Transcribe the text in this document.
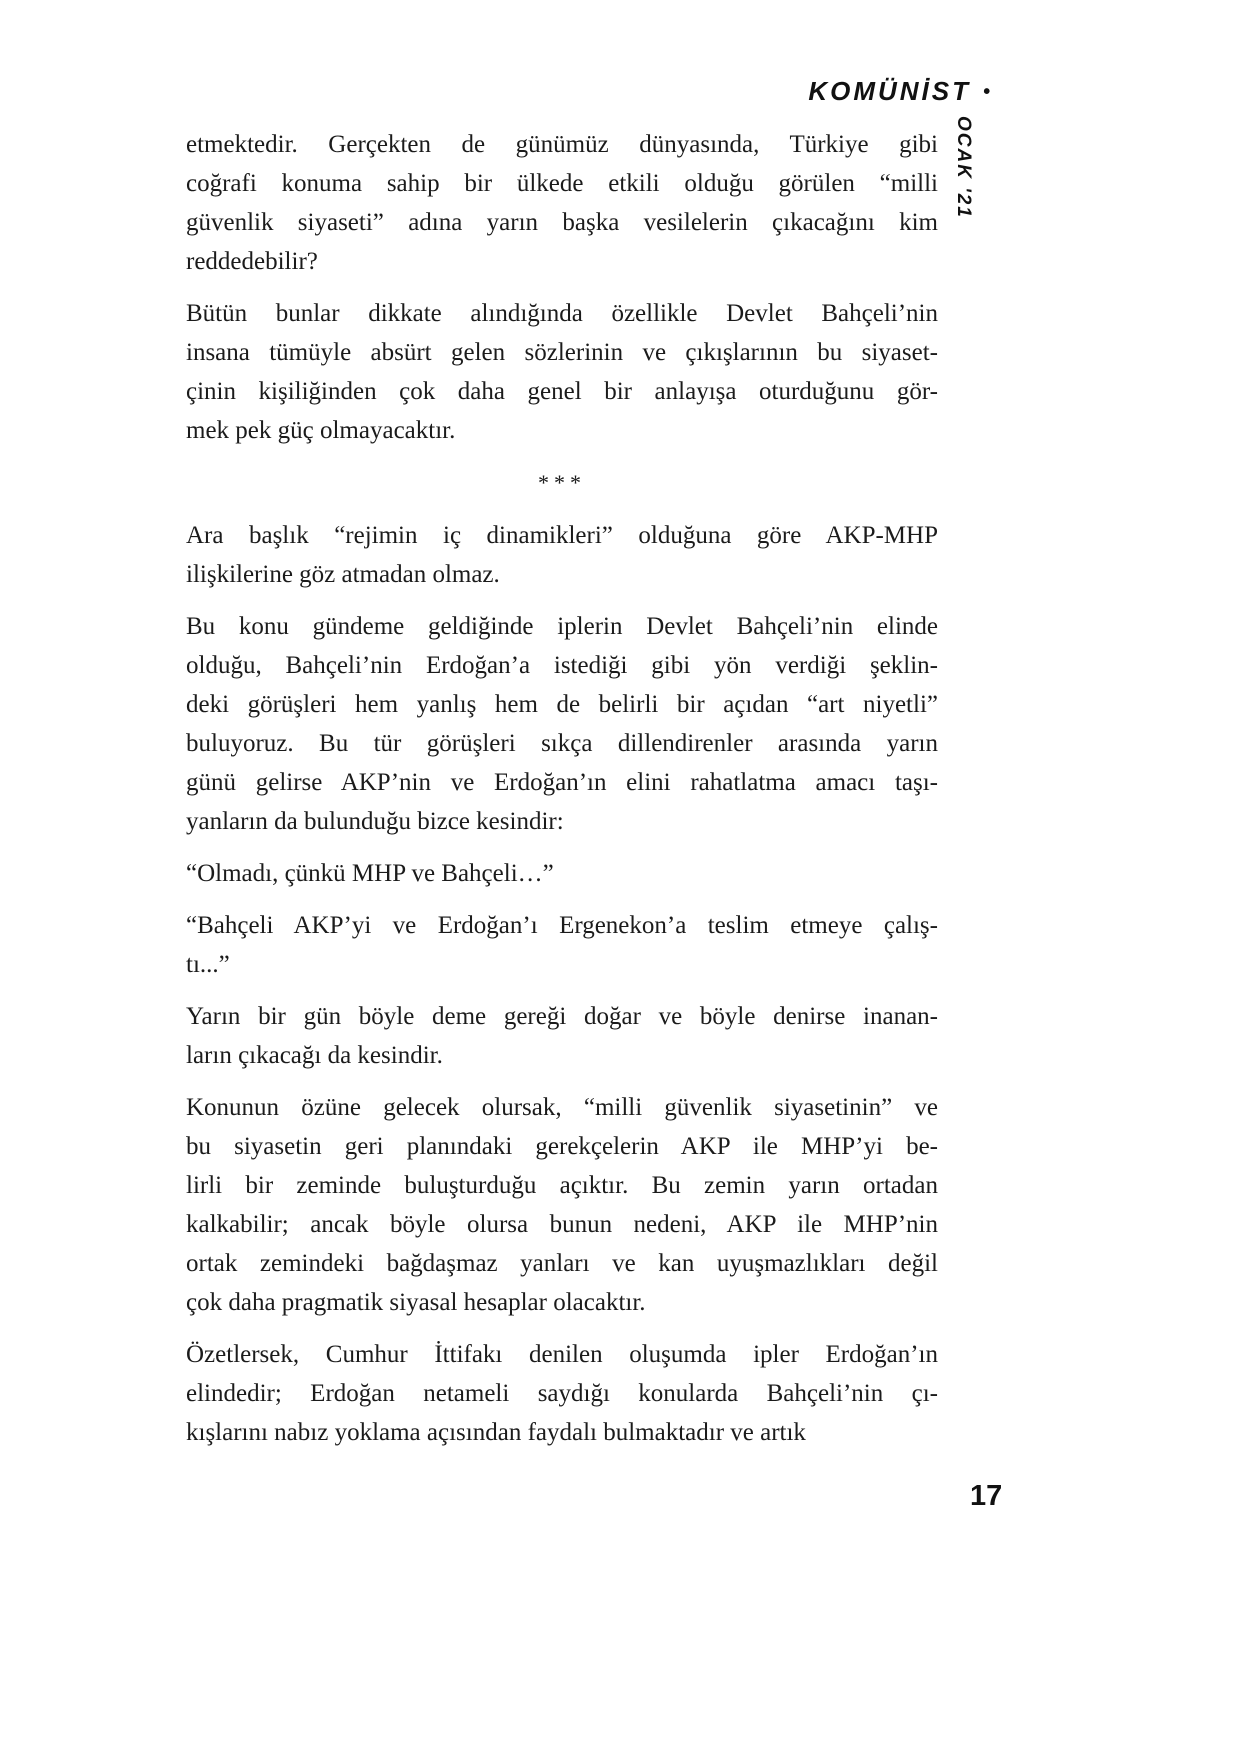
KOMÜNİST •
OCAK '21

etmektedir. Gerçekten de günümüz dünyasında, Türkiye gibi
coğrafi konuma sahip bir ülkede etkili olduğu görülen “milli
güvenlik siyaseti” adına yarın başka vesilelerin çıkacağını kim
reddedebilir?

Bütün bunlar dikkate alındığında özellikle Devlet Bahçeli’nin
insana tümüyle absürt gelen sözlerinin ve çıkışlarının bu siyaset-
çinin kişiliğinden çok daha genel bir anlayışa oturduğunu gör-
mek pek güç olmayacaktır.

***

Ara başlık “rejimin iç dinamikleri” olduğuna göre AKP-MHP
ilişkilerine göz atmadan olmaz.

Bu konu gündeme geldiğinde iplerin Devlet Bahçeli’nin elinde
olduğu, Bahçeli’nin Erdoğan’a istediği gibi yön verdiği şeklin-
deki görüşleri hem yanlış hem de belirli bir açıdan “art niyetli”
buluyoruz. Bu tür görüşleri sıkça dillendirenler arasında yarın
günü gelirse AKP’nin ve Erdoğan’ın elini rahatlatma amacı taşı-
yanların da bulunduğu bizce kesindir:

“Olmadı, çünkü MHP ve Bahçeli…”

“Bahçeli AKP’yi ve Erdoğan’ı Ergenekon’a teslim etmeye çalış-
tı...”

Yarın bir gün böyle deme gereği doğar ve böyle denirse inanan-
ların çıkacağı da kesindir.

Konunun özüne gelecek olursak, “milli güvenlik siyasetinin” ve
bu siyasetin geri planındaki gerekçelerin AKP ile MHP’yi be-
lirli bir zeminde buluşturduğu açıktır. Bu zemin yarın ortadan
kalkabilir; ancak böyle olursa bunun nedeni, AKP ile MHP’nin
ortak zemindeki bağdaşmaz yanları ve kan uyuşmazlıkları değil
çok daha pragmatik siyasal hesaplar olacaktır.

Özetlersek, Cumhur İttifakı denilen oluşumda ipler Erdoğan’ın
elindedir; Erdoğan netameli saydığı konularda Bahçeli’nin çı-
kışlarını nabız yoklama açısından faydalı bulmaktadır ve artık

17
